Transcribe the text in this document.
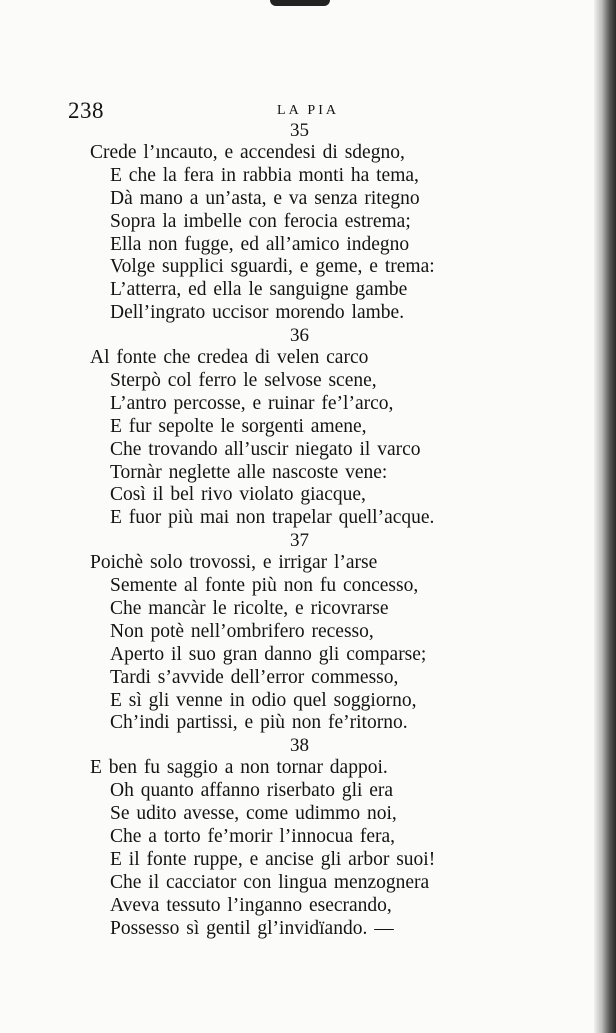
238	LA PIA
35
Crede l’ıncauto, e accendesi di sdegno,
E che la fera in rabbia monti ha tema,
Dà mano a un’asta, e va senza ritegno
Sopra la imbelle con ferocia estrema;
Ella non fugge, ed all’amico indegno
Volge supplici sguardi, e geme, e trema:
L’atterra, ed ella le sanguigne gambe
Dell’ingrato uccisor morendo lambe.
36
Al fonte che credea di velen carco
Sterpò col ferro le selvose scene,
L’antro percosse, e ruinar fe’l’arco,
E fur sepolte le sorgenti amene,
Che trovando all’uscir niegato il varco
Tornàr neglette alle nascoste vene:
Così il bel rivo violato giacque,
E fuor più mai non trapelar quell’acque.
37
Poichè solo trovossi, e irrigar l’arse
Semente al fonte più non fu concesso,
Che mancàr le ricolte, e ricovrarse
Non potè nell’ombrifero recesso,
Aperto il suo gran danno gli comparse;
Tardi s’avvide dell’error commesso,
E sì gli venne in odio quel soggiorno,
Ch’indi partissi, e più non fe’ritorno.
38
E ben fu saggio a non tornar dappoi.
Oh quanto affanno riserbato gli era
Se udito avesse, come udimmo noi,
Che a torto fe’morir l’innocua fera,
E il fonte ruppe, e ancise gli arbor suoi!
Che il cacciator con lingua menzognera
Aveva tessuto l’inganno esecrando,
Possesso sì gentil gl’invidïando. —
